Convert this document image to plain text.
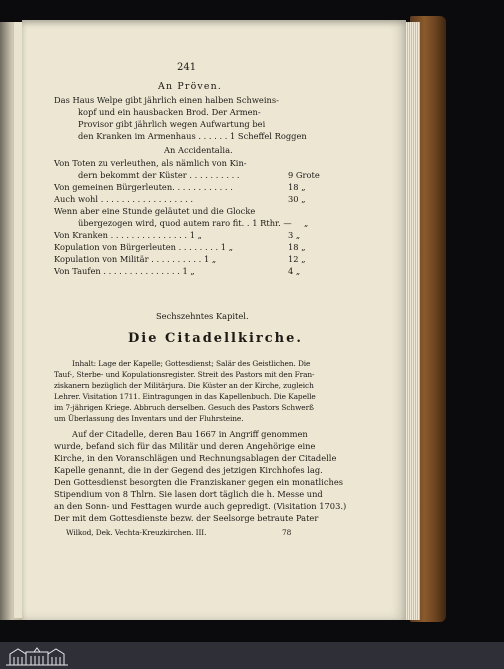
241
An Pröven.
Das Haus Welpe gibt jährlich einen halben Schweins-
kopf und ein hausbacken Brod. Der Armen-
Provisor gibt jährlich wegen Aufwartung bei
den Kranken im Armenhaus . . . . . . 1 Scheffel Roggen
An Accidentalia.
Von Toten zu verleuthen, als nämlich von Kin-
dern bekommt der Küster . . . . . . . . . .	9 Grote
Von gemeinen Bürgerleuten. . . . . . . . . . . .	18 „
Auch wohl . . . . . . . . . . . . . . . . . .	30 „
Wenn aber eine Stunde geläutet und die Glocke
übergezogen wird, quod autem raro fit. . 1 Rthr. — „
Von Kranken . . . . . . . . . . . . . . . 1 „	3 „
Kopulation von Bürgerleuten . . . . . . . . 1 „	18 „
Kopulation von Militär . . . . . . . . . . 1 „	12 „
Von Taufen . . . . . . . . . . . . . . . 1 „	4 „
Sechszehntes Kapitel.
Die Citadellkirche.
Inhalt: Lage der Kapelle; Gottesdienst; Salär des Geistlichen. Die
Tauf-, Sterbe- und Kopulationsregister. Streit des Pastors mit den Fran-
ziskanern bezüglich der Militärjura. Die Küster an der Kirche, zugleich
Lehrer. Visitation 1711. Eintragungen in das Kapellenbuch. Die Kapelle
im 7-jährigen Kriege. Abbruch derselben. Gesuch des Pastors Schwerß
um Überlassung des Inventars und der Fluhrsteine.
Auf der Citadelle, deren Bau 1667 in Angriff genommen
wurde, befand sich für das Militär und deren Angehörige eine
Kirche, in den Voranschlägen und Rechnungsablagen der Citadelle
Kapelle genannt, die in der Gegend des jetzigen Kirchhofes lag.
Den Gottesdienst besorgten die Franziskaner gegen ein monatliches
Stipendium von 8 Thlrn. Sie lasen dort täglich die h. Messe und
an den Sonn- und Festtagen wurde auch gepredigt. (Visitation 1703.)
Der mit dem Gottesdienste bezw. der Seelsorge betraute Pater
Wilkod, Dek. Vechta-Kreuzkirchen. III.	78
